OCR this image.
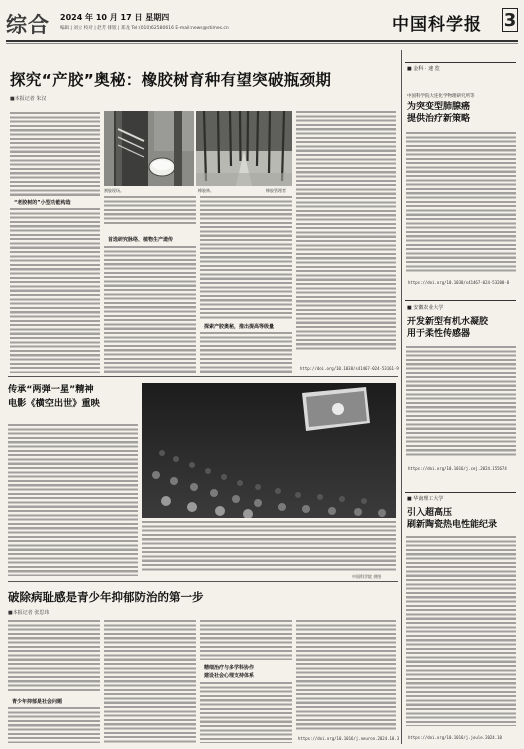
综合 2024 年 10 月 17 日 星期四
编辑 | 刘立 校对 | 赵芳 排版 | 郑龙 Tel:(010)62580616 E-mail:news@stimes.cn	中国科学报 3
探究“产胶”奥秘：橡胶树育种有望突破瓶颈期
■本报记者 朱汉
“老胶树的”小型功能构造
割胶现场。	橡胶林。	橡胶管理者
首选研究脉络、植物生产遗传
探索产胶奥秘，推出提高等级量
http://doi.org/10.1038/s41467-024-53161-9
传承“两弹一星”精神
电影《横空出世》重映
中国科学院 供图
破除病耻感是青少年抑郁防治的第一步
■本报记者 张思玮
青少年抑郁是社会问题
精细治疗与多学科协作
建设社会心理支持体系
https://doi.org/10.1016/j.neuron.2024.10.3
■ 金科 · 速 览
中国科学院大连化学物理研究所等
为突变型肺腺癌
提供治疗新策略
https://doi.org/10.1038/s41467-024-53208-8
■ 安徽农业大学
开发新型有机水凝胶
用于柔性传感器
https://doi.org/10.1016/j.cej.2024.155674
■ 华南理工大学
引入超高压
刷新陶瓷热电性能纪录
https://doi.org/10.1016/j.joule.2024.10
